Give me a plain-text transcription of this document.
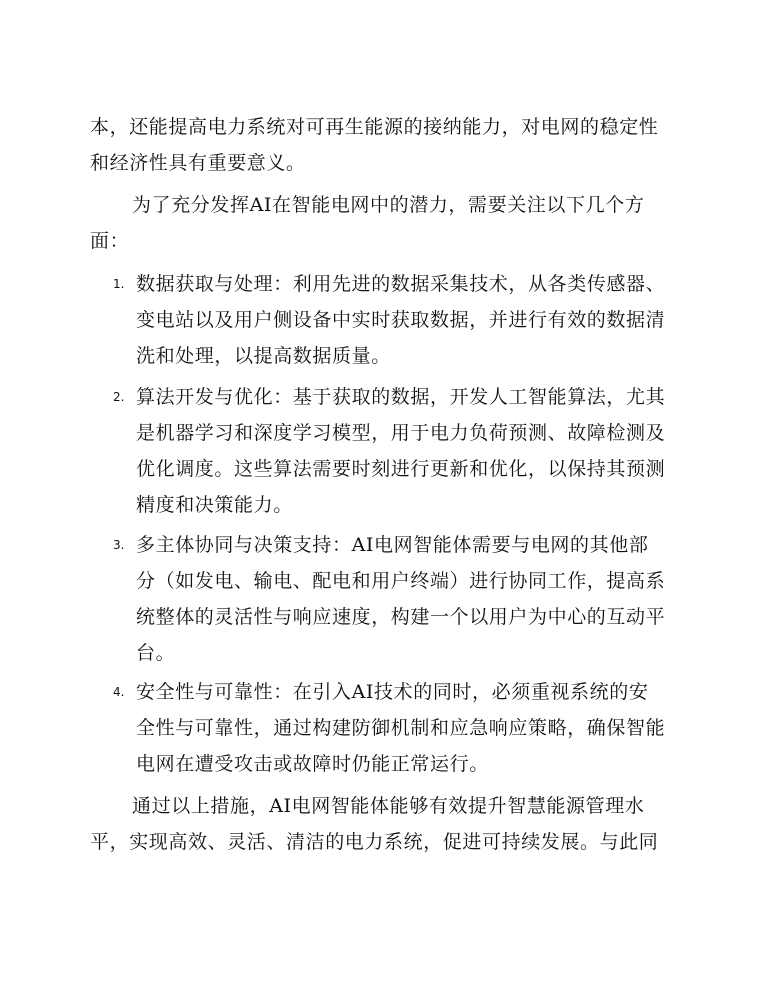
本，还能提高电力系统对可再生能源的接纳能力，对电网的稳定性
和经济性具有重要意义。
为了充分发挥AI在智能电网中的潜力，需要关注以下几个方
面：
1. 数据获取与处理：利用先进的数据采集技术，从各类传感器、
变电站以及用户侧设备中实时获取数据，并进行有效的数据清
洗和处理，以提高数据质量。
2. 算法开发与优化：基于获取的数据，开发人工智能算法，尤其
是机器学习和深度学习模型，用于电力负荷预测、故障检测及
优化调度。这些算法需要时刻进行更新和优化，以保持其预测
精度和决策能力。
3. 多主体协同与决策支持：AI电网智能体需要与电网的其他部
分（如发电、输电、配电和用户终端）进行协同工作，提高系
统整体的灵活性与响应速度，构建一个以用户为中心的互动平
台。
4. 安全性与可靠性：在引入AI技术的同时，必须重视系统的安
全性与可靠性，通过构建防御机制和应急响应策略，确保智能
电网在遭受攻击或故障时仍能正常运行。
通过以上措施，AI电网智能体能够有效提升智慧能源管理水
平，实现高效、灵活、清洁的电力系统，促进可持续发展。与此同
